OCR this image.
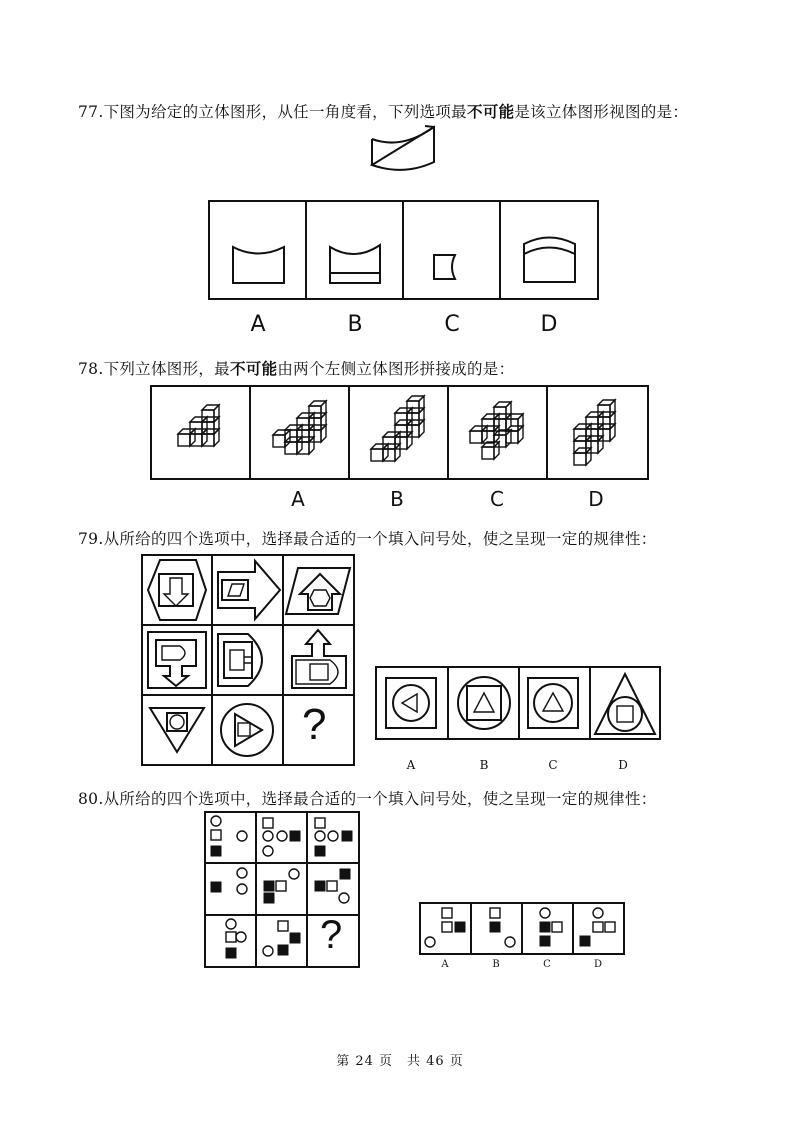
77.下图为给定的立体图形，从任一角度看，下列选项最不可能是该立体图形视图的是：
A	B	C	D
78.下列立体图形，最不可能由两个左侧立体图形拼接成的是：
A	B	C	D
79.从所给的四个选项中，选择最合适的一个填入问号处，使之呈现一定的规律性：
?
A	B	C	D
80.从所给的四个选项中，选择最合适的一个填入问号处，使之呈现一定的规律性：
?
A	B	C	D
第 24 页　共 46 页
